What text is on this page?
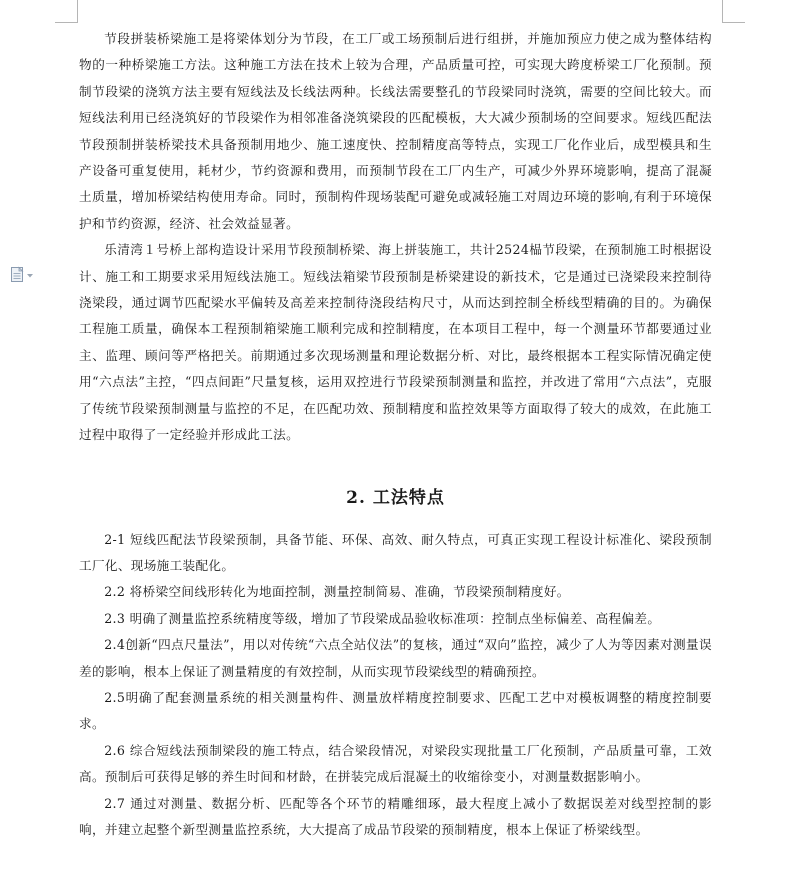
节段拼装桥梁施工是将梁体划分为节段，在工厂或工场预制后进行组拼，并施加预应力使之成为整体结构物的一种桥梁施工方法。这种施工方法在技术上较为合理，产品质量可控，可实现大跨度桥梁工厂化预制。预制节段梁的浇筑方法主要有短线法及长线法两种。长线法需要整孔的节段梁同时浇筑，需要的空间比较大。而短线法利用已经浇筑好的节段梁作为相邻准备浇筑梁段的匹配模板，大大减少预制场的空间要求。短线匹配法节段预制拼装桥梁技术具备预制用地少、施工速度快、控制精度高等特点，实现工厂化作业后，成型模具和生产设备可重复使用，耗材少，节约资源和费用，而预制节段在工厂内生产，可减少外界环境影响，提高了混凝土质量，增加桥梁结构使用寿命。同时，预制构件现场装配可避免或减轻施工对周边环境的影响,有利于环境保护和节约资源，经济、社会效益显著。

乐清湾１号桥上部构造设计采用节段预制桥梁、海上拼装施工，共计2524榀节段梁，在预制施工时根据设计、施工和工期要求采用短线法施工。短线法箱梁节段预制是桥梁建设的新技术，它是通过已浇梁段来控制待浇梁段，通过调节匹配梁水平偏转及高差来控制待浇段结构尺寸，从而达到控制全桥线型精确的目的。为确保工程施工质量，确保本工程预制箱梁施工顺利完成和控制精度，在本项目工程中，每一个测量环节都要通过业主、监理、顾问等严格把关。前期通过多次现场测量和理论数据分析、对比，最终根据本工程实际情况确定使用“六点法”主控，“四点间距”尺量复核，运用双控进行节段梁预制测量和监控，并改进了常用“六点法”，克服了传统节段梁预制测量与监控的不足，在匹配功效、预制精度和监控效果等方面取得了较大的成效，在此施工过程中取得了一定经验并形成此工法。

2. 工法特点

2-1 短线匹配法节段梁预制，具备节能、环保、高效、耐久特点，可真正实现工程设计标准化、梁段预制工厂化、现场施工装配化。

2.2 将桥梁空间线形转化为地面控制，测量控制简易、准确，节段梁预制精度好。

2.3 明确了测量监控系统精度等级，增加了节段梁成品验收标准项：控制点坐标偏差、高程偏差。

2.4创新“四点尺量法”，用以对传统“六点全站仪法”的复核，通过“双向”监控，减少了人为等因素对测量误差的影响，根本上保证了测量精度的有效控制，从而实现节段梁线型的精确预控。

2.5明确了配套测量系统的相关测量构件、测量放样精度控制要求、匹配工艺中对模板调整的精度控制要求。

2.6 综合短线法预制梁段的施工特点，结合梁段情况，对梁段实现批量工厂化预制，产品质量可靠，工效高。预制后可获得足够的养生时间和材龄，在拼装完成后混凝土的收缩徐变小，对测量数据影响小。

2.7 通过对测量、数据分析、匹配等各个环节的精雕细琢，最大程度上减小了数据误差对线型控制的影响，并建立起整个新型测量监控系统，大大提高了成品节段梁的预制精度，根本上保证了桥梁线型。
